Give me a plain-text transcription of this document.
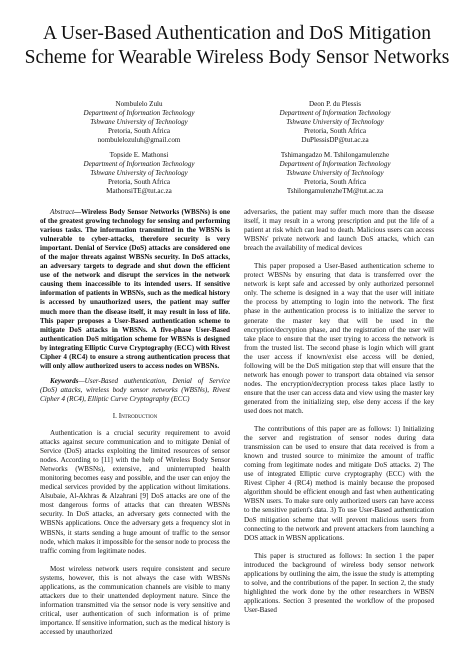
A User-Based Authentication and DoS Mitigation Scheme for Wearable Wireless Body Sensor Networks
Nombulelo Zulu
Department of Information Technology
Tshwane University of Technology
Pretoria, South Africa
nombulelozuluh@gmail.com
Deon P. du Plessis
Department of Information Technology
Tshwane University of Technology
Pretoria, South Africa
DuPlessisDP@tut.ac.za
Topside E. Mathonsi
Department of Information Technology
Tshwane University of Technology
Pretoria, South Africa
MathonsiTE@tut.ac.za
Tshimangadzo M. Tshilongamulenzhe
Department of Information Technology
Tshwane University of Technology
Pretoria, South Africa
TshilongamulenzheTM@tut.ac.za

Abstract—Wireless Body Sensor Networks (WBSNs) is one of the greatest growing technology for sensing and performing various tasks. The information transmitted in the WBSNs is vulnerable to cyber-attacks, therefore security is very important. Denial of Service (DoS) attacks are considered one of the major threats against WBSNs security. In DoS attacks, an adversary targets to degrade and shut down the efficient use of the network and disrupt the services in the network causing them inaccessible to its intended users. If sensitive information of patients in WBSNs, such as the medical history is accessed by unauthorized users, the patient may suffer much more than the disease itself, it may result in loss of life. This paper proposes a User-Based authentication scheme to mitigate DoS attacks in WBSNs. A five-phase User-Based authentication DoS mitigation scheme for WBSNs is designed by integrating Elliptic Curve Cryptography (ECC) with Rivest Cipher 4 (RC4) to ensure a strong authentication process that will only allow authorized users to access nodes on WBSNs.

Keywords—User-Based authentication, Denial of Service (DoS) attacks, wireless body sensor networks (WBSNs), Rivest Cipher 4 (RC4), Elliptic Curve Cryptography (ECC)

I. Introduction

Authentication is a crucial security requirement to avoid attacks against secure communication and to mitigate Denial of Service (DoS) attacks exploiting the limited resources of sensor nodes. According to [11] with the help of Wireless Body Sensor Networks (WBSNs), extensive, and uninterrupted health monitoring becomes easy and possible, and the user can enjoy the medical services provided by the application without limitations. Alsubaie, Al-Akhras & Alzahrani [9] DoS attacks are one of the most dangerous forms of attacks that can threaten WBSNs security. In DoS attacks, an adversary gets connected with the WBSNs applications. Once the adversary gets a frequency slot in WBSNs, it starts sending a huge amount of traffic to the sensor node, which makes it impossible for the sensor node to process the traffic coming from legitimate nodes.

Most wireless network users require consistent and secure systems, however, this is not always the case with WBSNs applications, as the communication channels are visible to many attackers due to their unattended deployment nature. Since the information transmitted via the sensor node is very sensitive and critical, user authentication of such information is of prime importance. If sensitive information, such as the medical history is accessed by unauthorized

adversaries, the patient may suffer much more than the disease itself, it may result in a wrong prescription and put the life of a patient at risk which can lead to death. Malicious users can access WBSNs' private network and launch DoS attacks, which can breach the availability of medical devices

This paper proposed a User-Based authentication scheme to protect WBSNs by ensuring that data is transferred over the network is kept safe and accessed by only authorized personnel only. The scheme is designed in a way that the user will initiate the process by attempting to login into the network. The first phase in the authentication process is to initialize the server to generate the master key that will be used in the encryption/decryption phase, and the registration of the user will take place to ensure that the user trying to access the network is from the trusted list. The second phase is login which will grant the user access if known/exist else access will be denied, following will be the DoS mitigation step that will ensure that the network has enough power to transport data obtained via sensor nodes. The encryption/decryption process takes place lastly to ensure that the user can access data and view using the master key generated from the initializing step, else deny access if the key used does not match.

The contributions of this paper are as follows: 1) Initializing the server and registration of sensor nodes during data transmission can be used to ensure that data received is from a known and trusted source to minimize the amount of traffic coming from legitimate nodes and mitigate DoS attacks. 2) The use of integrated Elliptic curve cryptography (ECC) with the Rivest Cipher 4 (RC4) method is mainly because the proposed algorithm should be efficient enough and fast when authenticating WBSN users. To make sure only authorized users can have access to the sensitive patient's data. 3) To use User-Based authentication DoS mitigation scheme that will prevent malicious users from connecting to the network and prevent attackers from launching a DOS attack in WBSN applications.

This paper is structured as follows: In section 1 the paper introduced the background of wireless body sensor network applications by outlining the aim, the issue the study is attempting to solve, and the contributions of the paper. In section 2, the study highlighted the work done by the other researchers in WBSN applications. Section 3 presented the workflow of the proposed User-Based
